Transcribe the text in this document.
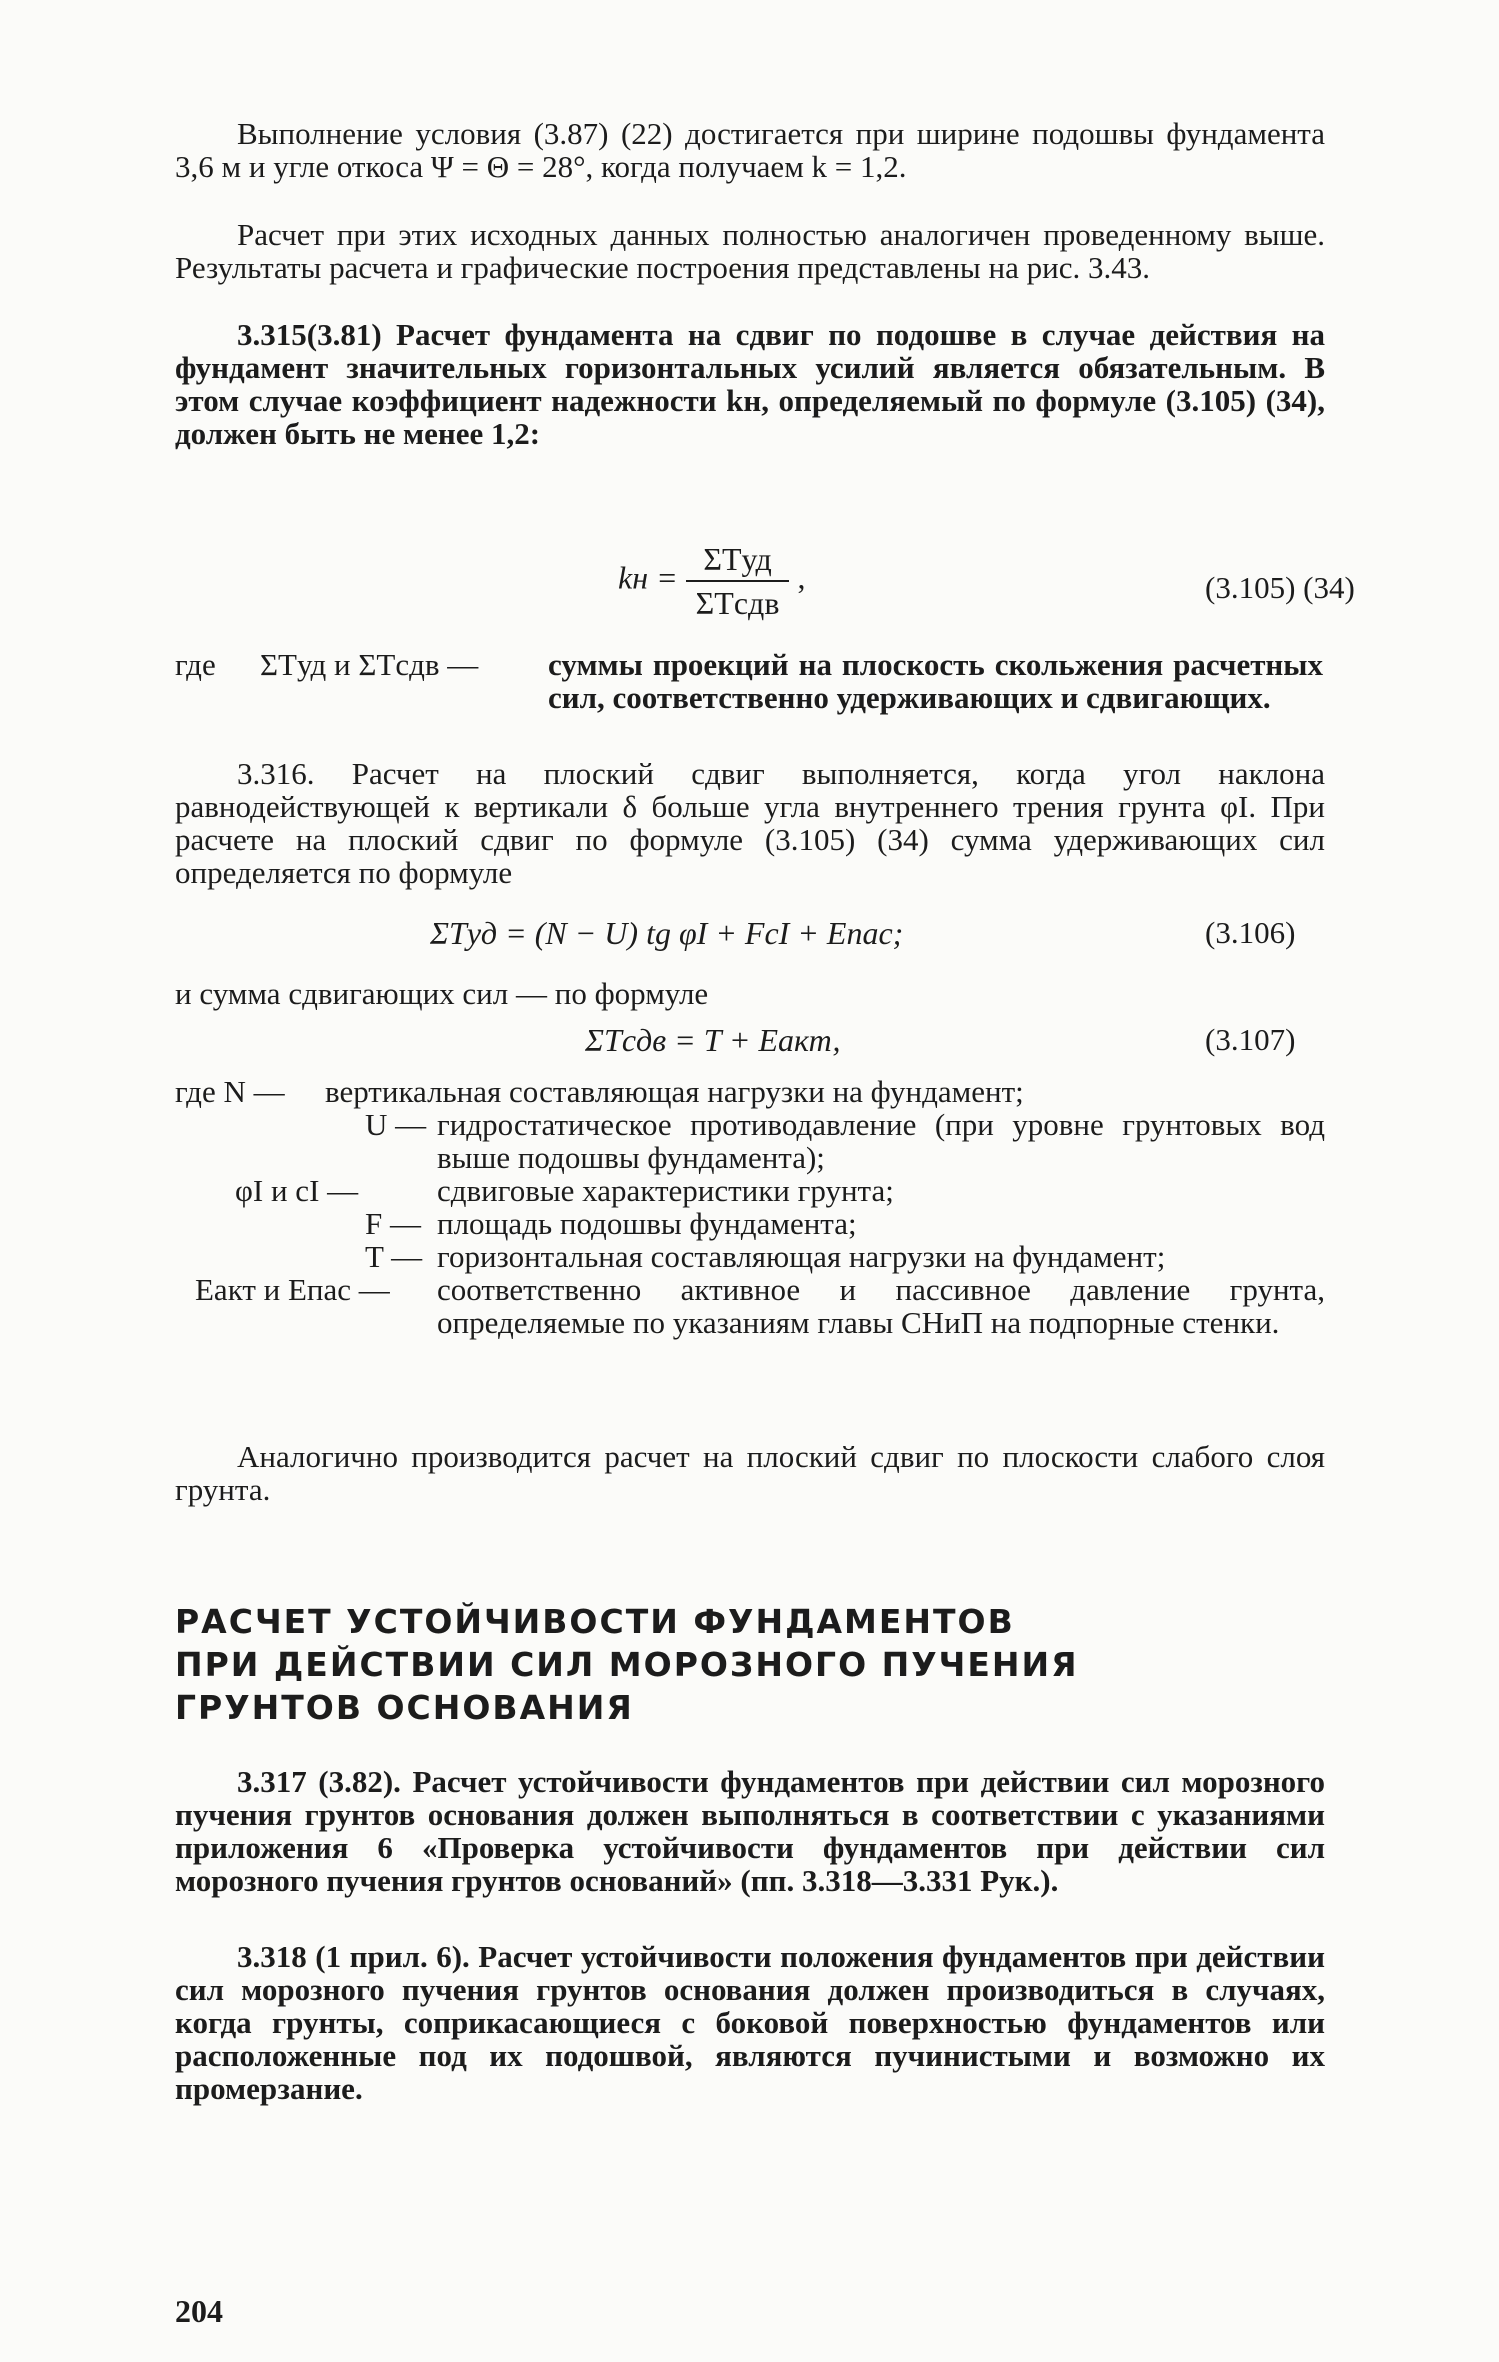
Выполнение условия (3.87) (22) достигается при ширине подошвы фундамента 3,6 м и угле откоса Ψ = Θ = 28°, когда получаем k = 1,2.
Расчет при этих исходных данных полностью аналогичен проведенному выше. Результаты расчета и графические построения представлены на рис. 3.43.
3.315(3.81) Расчет фундамента на сдвиг по подошве в случае действия на фундамент значительных горизонтальных усилий является обязательным. В этом случае коэффициент надежности kн, определяемый по формуле (3.105) (34), должен быть не менее 1,2:
kн = $\frac{\text{ΣTуд}}{\text{ΣTсдв}}$ ,	(3.105) (34)
где ΣTуд и ΣTсдв — суммы проекций на плоскость скольжения расчетных сил, соответственно удерживающих и сдвигающих.
3.316. Расчет на плоский сдвиг выполняется, когда угол наклона равнодействующей к вертикали δ больше угла внутреннего трения грунта φI. При расчете на плоский сдвиг по формуле (3.105) (34) сумма удерживающих сил определяется по формуле
ΣTуд = (N − U) tg φI + FcI + Eпас;	(3.106)
и сумма сдвигающих сил — по формуле
ΣTсдв = T + Eакт,	(3.107)
где N — вертикальная составляющая нагрузки на фундамент;
U — гидростатическое противодавление (при уровне грунтовых вод выше подошвы фундамента);
φI и cI —	сдвиговые характеристики грунта;
F — площадь подошвы фундамента;
T — горизонтальная составляющая нагрузки на фундамент;
Eакт и Eпас — соответственно активное и пассивное давление грунта, определяемые по указаниям главы СНиП на подпорные стенки.
Аналогично производится расчет на плоский сдвиг по плоскости слабого слоя грунта.
РАСЧЕТ УСТОЙЧИВОСТИ ФУНДАМЕНТОВ
ПРИ ДЕЙСТВИИ СИЛ МОРОЗНОГО ПУЧЕНИЯ
ГРУНТОВ ОСНОВАНИЯ
3.317 (3.82). Расчет устойчивости фундаментов при действии сил морозного пучения грунтов основания должен выполняться в соответствии с указаниями приложения 6 «Проверка устойчивости фундаментов при действии сил морозного пучения грунтов оснований» (пп. 3.318—3.331 Рук.).
3.318 (1 прил. 6). Расчет устойчивости положения фундаментов при действии сил морозного пучения грунтов основания должен производиться в случаях, когда грунты, соприкасающиеся с боковой поверхностью фундаментов или расположенные под их подошвой, являются пучинистыми и возможно их промерзание.
204
